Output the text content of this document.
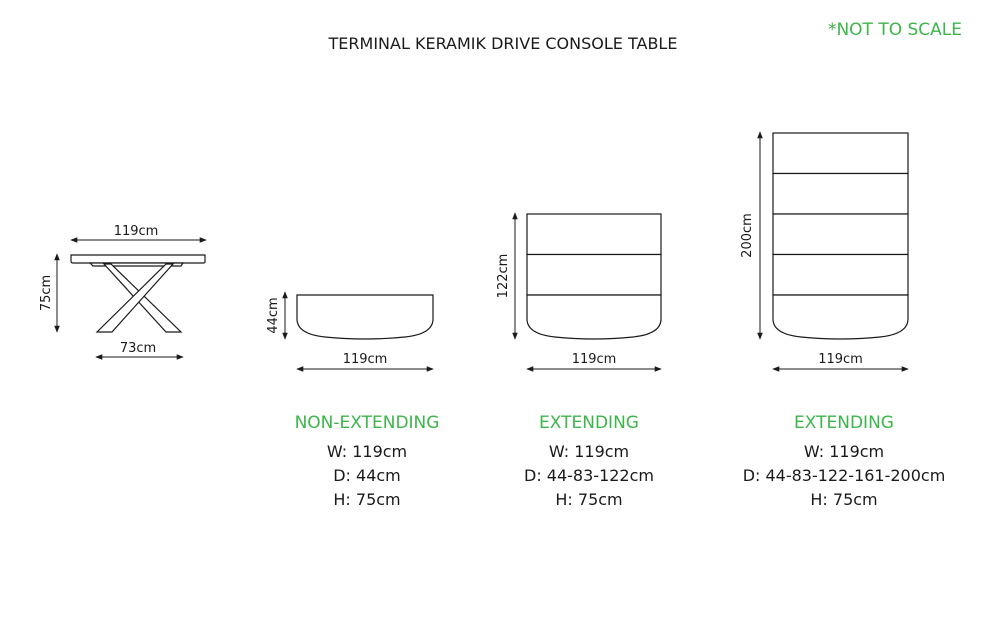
TERMINAL KERAMIK DRIVE CONSOLE TABLE
*NOT TO SCALE
119cm
75cm
73cm
44cm
119cm
NON-EXTENDING
W: 119cm
D: 44cm
H: 75cm
122cm
119cm
EXTENDING
W: 119cm
D: 44-83-122cm
H: 75cm
200cm
119cm
EXTENDING
W: 119cm
D: 44-83-122-161-200cm
H: 75cm
